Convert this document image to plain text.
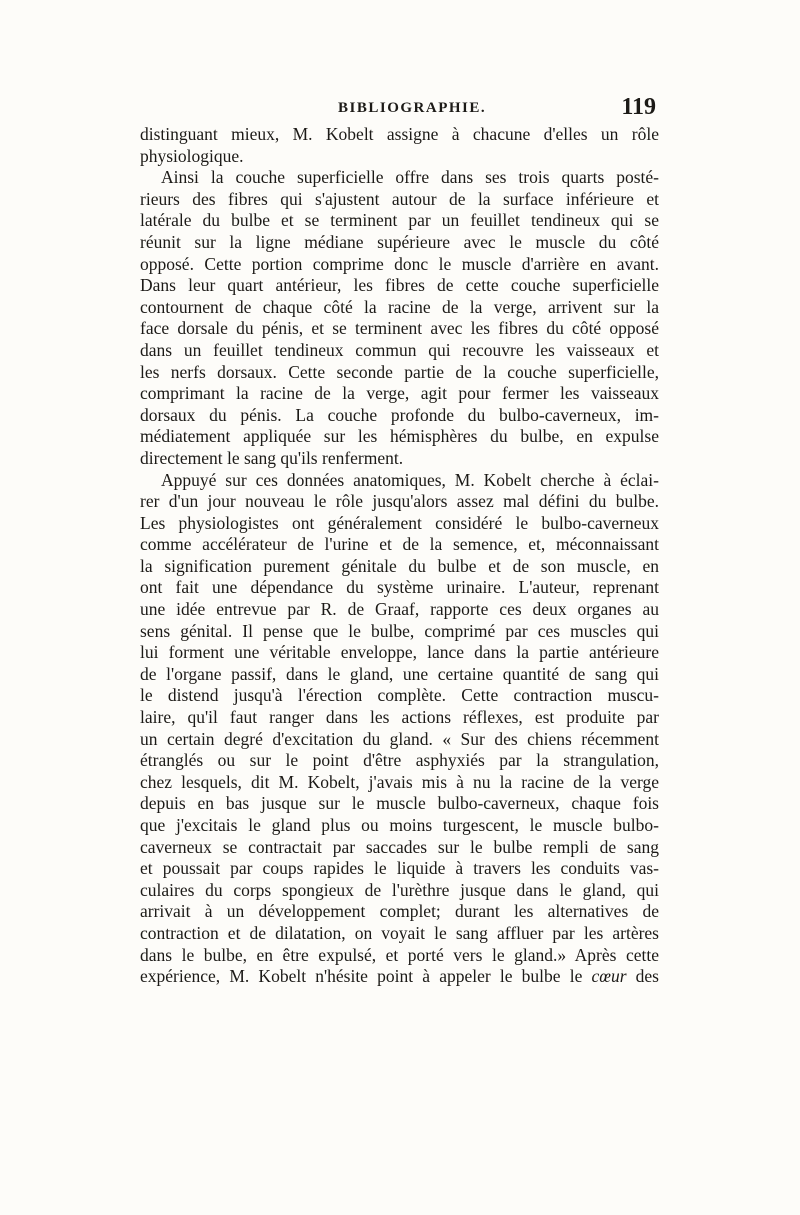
BIBLIOGRAPHIE.	119
distinguant mieux, M. Kobelt assigne à chacune d'elles un rôle
physiologique.
Ainsi la couche superficielle offre dans ses trois quarts posté-
rieurs des fibres qui s'ajustent autour de la surface inférieure et
latérale du bulbe et se terminent par un feuillet tendineux qui se
réunit sur la ligne médiane supérieure avec le muscle du côté
opposé. Cette portion comprime donc le muscle d'arrière en avant.
Dans leur quart antérieur, les fibres de cette couche superficielle
contournent de chaque côté la racine de la verge, arrivent sur la
face dorsale du pénis, et se terminent avec les fibres du côté opposé
dans un feuillet tendineux commun qui recouvre les vaisseaux et
les nerfs dorsaux. Cette seconde partie de la couche superficielle,
comprimant la racine de la verge, agit pour fermer les vaisseaux
dorsaux du pénis. La couche profonde du bulbo-caverneux, im-
médiatement appliquée sur les hémisphères du bulbe, en expulse
directement le sang qu'ils renferment.
Appuyé sur ces données anatomiques, M. Kobelt cherche à éclai-
rer d'un jour nouveau le rôle jusqu'alors assez mal défini du bulbe.
Les physiologistes ont généralement considéré le bulbo-caverneux
comme accélérateur de l'urine et de la semence, et, méconnaissant
la signification purement génitale du bulbe et de son muscle, en
ont fait une dépendance du système urinaire. L'auteur, reprenant
une idée entrevue par R. de Graaf, rapporte ces deux organes au
sens génital. Il pense que le bulbe, comprimé par ces muscles qui
lui forment une véritable enveloppe, lance dans la partie antérieure
de l'organe passif, dans le gland, une certaine quantité de sang qui
le distend jusqu'à l'érection complète. Cette contraction muscu-
laire, qu'il faut ranger dans les actions réflexes, est produite par
un certain degré d'excitation du gland. « Sur des chiens récemment
étranglés ou sur le point d'être asphyxiés par la strangulation,
chez lesquels, dit M. Kobelt, j'avais mis à nu la racine de la verge
depuis en bas jusque sur le muscle bulbo-caverneux, chaque fois
que j'excitais le gland plus ou moins turgescent, le muscle bulbo-
caverneux se contractait par saccades sur le bulbe rempli de sang
et poussait par coups rapides le liquide à travers les conduits vas-
culaires du corps spongieux de l'urèthre jusque dans le gland, qui
arrivait à un développement complet; durant les alternatives de
contraction et de dilatation, on voyait le sang affluer par les artères
dans le bulbe, en être expulsé, et porté vers le gland.» Après cette
expérience, M. Kobelt n'hésite point à appeler le bulbe le cœur des
